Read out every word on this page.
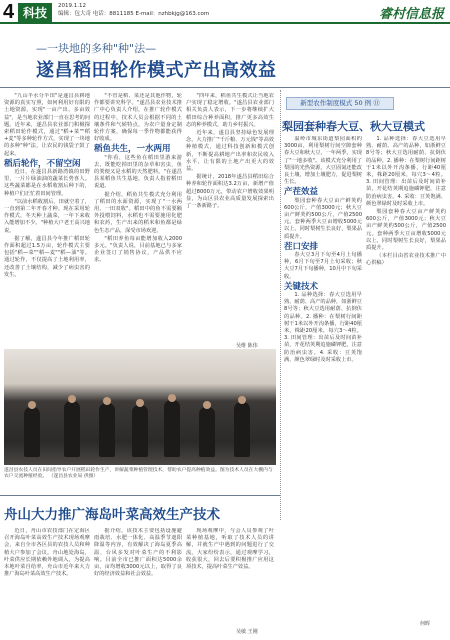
4 科技	2019.1.12
编辑：包大奇 电话：8811185 E-mail：nzhbkjg@163.com	睿村信息报
—一块地的多种"种"法—
遂昌稻田轮作模式产出高效益

"九山半水分半田"是遂昌县耕地资源的真实写照，如何利用好有限的土地资源，实现"一亩产出、多亩效益"，是当地农业部门一直在思考的问题。近年来，遂昌县农业部门积极探索稻田轮作模式，通过"稻+菜""稻+麦"等多种轮作方式，实现了一块地的多种"种"法，让农民的钱袋子鼓了起来。

稻后轮作，不留空闲

近日，在遂昌县新路湾镇的田野里，一片片绿油油的蔬菜长势喜人。这些蔬菜都是在水稻收割后种下的，种植户们正忙着田间管理。

"以前水稻收割后，田就空着了，一直到第二年开春才种。现在采用轮作模式，冬天种上蔬菜，一年下来收入能增加不少。"种植大户老王高兴地说。

据了解，遂昌县今年推广稻田轮作面积超过1.5万亩，轮作模式主要包括"稻—菜""稻—麦""稻—油"等。通过轮作，不仅提高了土地利用率，还改善了土壤结构，减少了病虫害的发生。

"不管是稻、菜还是其他作物，轮作都要讲究科学。"遂昌县农业技术推广中心负责人介绍，在推广轮作模式的过程中，技术人员会根据不同的土壤条件和气候特点，为农户量身定制轮作方案，确保每一季作物都能获得好收成。

稻鱼共生，一水两用

"你看，这些鱼在稻田里游来游去，既能吃掉田里的杂草和害虫，鱼的粪便又是水稻的天然肥料。"在遂昌县某稻鱼共生基地，负责人指着稻田说道。

据介绍，稻鱼共生模式充分利用了稻田的水面资源，实现了"一水两用、一田双收"。稻田中的鱼不需要额外投喂饲料，水稻也不需要施用化肥和农药，生产出来的稻米和鱼都是绿色生态产品，深受市场欢迎。

"稻田养鱼每亩能增加收入2000多元。"负责人说，目前基地已与多家企业签订了销售协议，产品供不应求。

"四年来，稻鱼共生模式让当地农户实现了稳定增收。"遂昌县农业部门相关负责人表示，下一步将继续扩大稻田综合种养面积，推广更多高效生态的种养模式，助力乡村振兴。

近年来，遂昌县坚持绿色发展理念，大力推广"千斤粮、万元钱"等高效种植模式，通过科技创新和模式创新，不断提高耕地产出率和农民收入水平，让有限的土地产出更大的效益。

据统计，2018年遂昌县稻田综合种养和轮作面积达3.2万亩，新增产值超过8000万元，带动农户增收效果明显，为山区县农业高质量发展探索出了一条新路子。

吴维 陈伟
遂昌县农技人员在田间指导农户开展稻田轮作生产，讲解蔬菜种植管理技术，帮助农户提高种植效益。图为技术人员在大棚内与农户交流种植经验。 （遂昌县农业局 供图）
新型农作制度模式 50 例 ⑪
梨园套种春大豆、秋大豆模式

温岭市城东街道梨园面积约3000亩，利用梨树行间空隙套种春大豆和秋大豆，一年两季，实现了"一地多收"。该模式充分利用了梨园的光热资源，大豆固氮还能改良土壤，增加土壤肥力，促进梨树生长。

产茬效益

梨园套种春大豆亩产鲜荚约600公斤，产值3000元；秋大豆亩产鲜荚约500公斤，产值2500元。套种两季大豆亩增收5000元以上，同时梨树生长良好，梨果品质提升。

茬口安排

春大豆3月下旬至4月上旬播种，6月下旬至7月上旬采收；秋大豆7月下旬播种，10月中下旬采收。

关键技术

1. 品种选择：春大豆选用早熟、耐荫、高产的品种，如浙鲜豆8号等；秋大豆选用耐荫、抗倒伏的品种。2. 播种：在梨树行间距树干1米以外开沟条播，行距40厘米，株距20厘米，每穴3～4粒。3. 田间管理：出苗后及时间苗补苗，开花结荚期追施磷钾肥，注意防治病虫害。4. 采收：豆荚饱满、颜色翠绿时及时采收上市。

1. 品种选择：春大豆选用早熟、耐荫、高产的品种，如浙鲜豆8号等；秋大豆选用耐荫、抗倒伏的品种。2. 播种：在梨树行间距树干1米以外开沟条播，行距40厘米，株距20厘米，每穴3～4粒。3. 田间管理：出苗后及时间苗补苗，开花结荚期追施磷钾肥，注意防治病虫害。4. 采收：豆荚饱满、颜色翠绿时及时采收上市。

梨园套种春大豆亩产鲜荚约600公斤，产值3000元；秋大豆亩产鲜荚约500公斤，产值2500元。套种两季大豆亩增收5000元以上，同时梨树生长良好，梨果品质提升。

（本栏目由省农业技术推广中心供稿）

何晖
舟山大力推广海岛叶菜高效生产技术

近日，舟山市农技部门在定海区召开海岛叶菜高效生产技术现场观摩会，来自全市各区县的农技人员和种植大户参加了会议。舟山地处海岛，叶菜供应长期依赖外地调入，为提高本地叶菜自给率，舟山市近年来大力推广海岛叶菜高效生产技术。

据介绍，该技术主要包括设施避雨栽培、水肥一体化、高温季节遮阳降温等内容，有效解决了海岛夏季高温、台风多发对叶菜生产的不利影响。目前全市已推广面积达5000余亩，亩均增收3000元以上，取得了良好的经济效益和社会效益。

现场观摩中，与会人员参观了叶菜种植基地，听取了技术人员的讲解，并就生产中遇到的问题进行了交流。大家纷纷表示，通过观摩学习，收获很大，回去后要积极推广应用这项技术，提高叶菜生产效益。

吴敏 王刚
